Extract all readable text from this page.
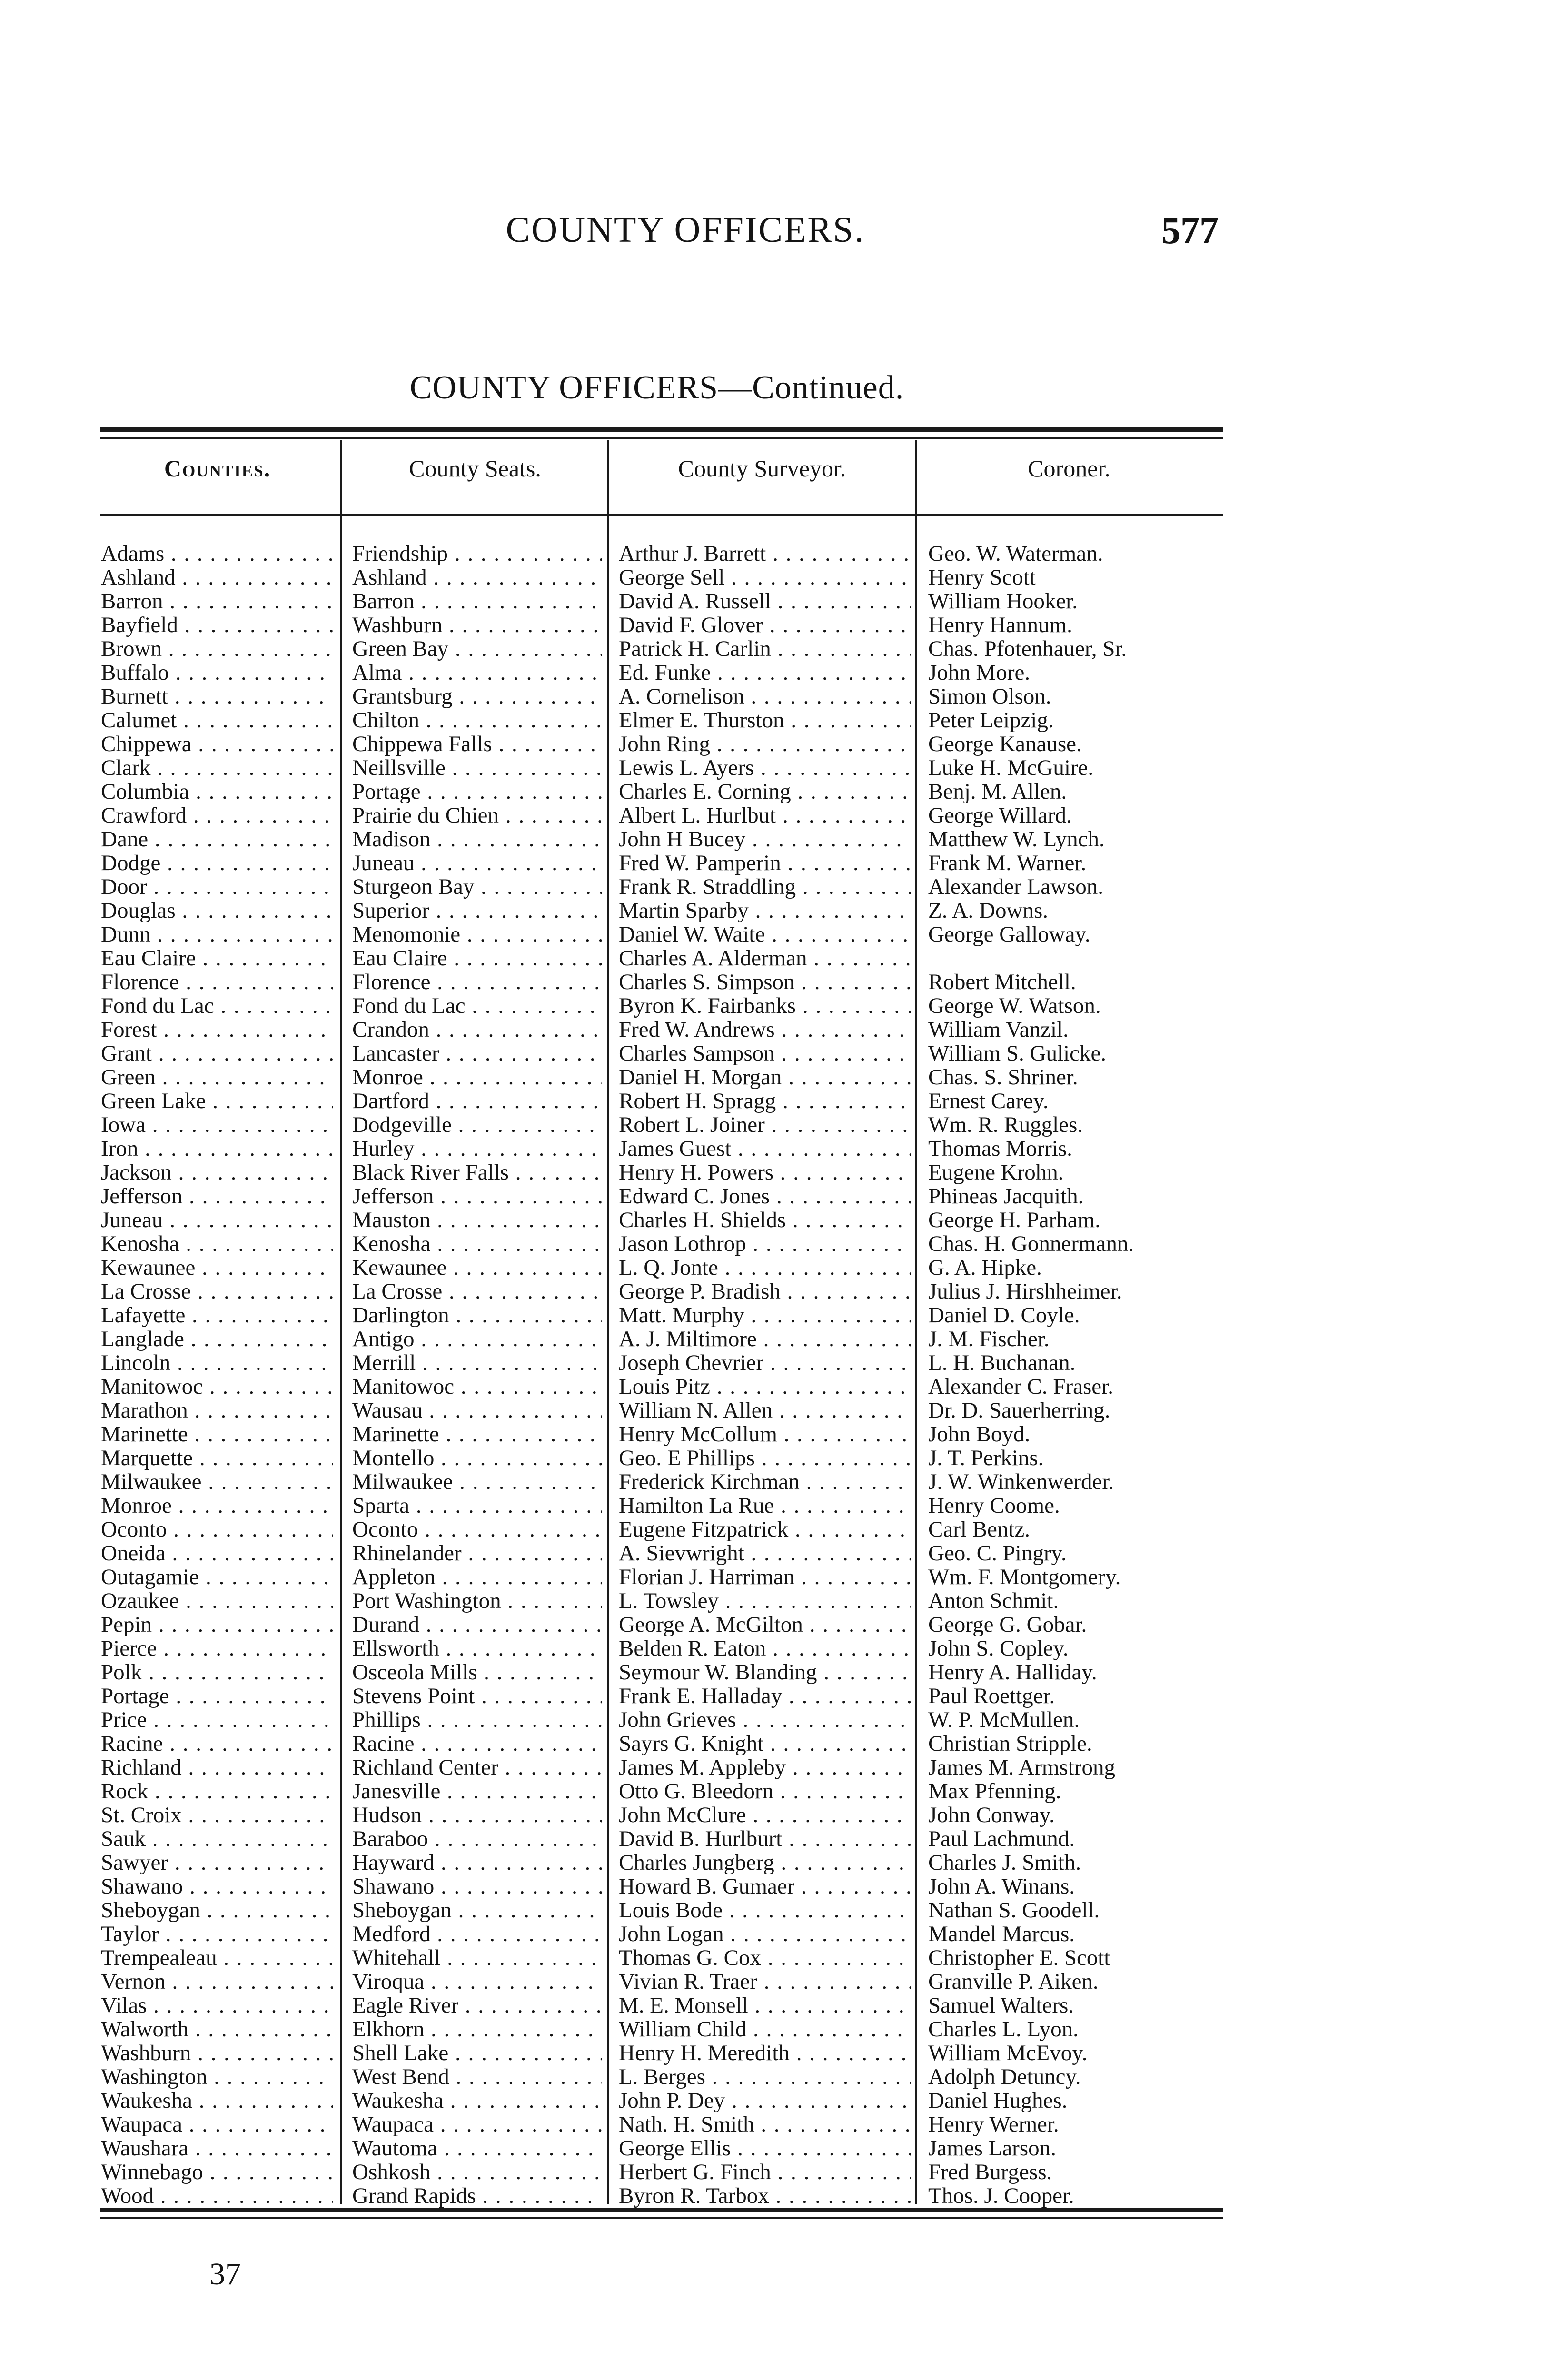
COUNTY OFFICERS.	577
COUNTY OFFICERS—Continued.
Counties.	County Seats.	County Surveyor.	Coroner.
Adams . . .	Friendship . . .	Arthur J. Barrett . . .	Geo. W. Waterman.
Ashland . . .	Ashland . . .	George Sell . . .	Henry Scott
Barron . . .	Barron . . .	David A. Russell . . .	William Hooker.
Bayfield . . .	Washburn . . .	David F. Glover . . .	Henry Hannum.
Brown . . .	Green Bay . . .	Patrick H. Carlin . . .	Chas. Pfotenhauer, Sr.
Buffalo . . .	Alma . . .	Ed. Funke . . .	John More.
Burnett . . .	Grantsburg . . .	A. Cornelison . . .	Simon Olson.
Calumet . . .	Chilton . . .	Elmer E. Thurston . . .	Peter Leipzig.
Chippewa . . .	Chippewa Falls . . .	John Ring . . .	George Kanause.
Clark . . .	Neillsville . . .	Lewis L. Ayers . . .	Luke H. McGuire.
Columbia . . .	Portage . . .	Charles E. Corning . . .	Benj. M. Allen.
Crawford . . .	Prairie du Chien . . .	Albert L. Hurlbut . . .	George Willard.
Dane . . .	Madison . . .	John H Bucey . . .	Matthew W. Lynch.
Dodge . . .	Juneau . . .	Fred W. Pamperin . . .	Frank M. Warner.
Door . . .	Sturgeon Bay . . .	Frank R. Straddling . . .	Alexander Lawson.
Douglas . . .	Superior . . .	Martin Sparby . . .	Z. A. Downs.
Dunn . . .	Menomonie . . .	Daniel W. Waite . . .	George Galloway.
Eau Claire . . .	Eau Claire . . .	Charles A. Alderman . . .
Florence . . .	Florence . . .	Charles S. Simpson . . .	Robert Mitchell.
Fond du Lac . . .	Fond du Lac . . .	Byron K. Fairbanks . . .	George W. Watson.
Forest . . .	Crandon . . .	Fred W. Andrews . . .	William Vanzil.
Grant . . .	Lancaster . . .	Charles Sampson . . .	William S. Gulicke.
Green . . .	Monroe . . .	Daniel H. Morgan . . .	Chas. S. Shriner.
Green Lake . . .	Dartford . . .	Robert H. Spragg . . .	Ernest Carey.
Iowa . . .	Dodgeville . . .	Robert L. Joiner . . .	Wm. R. Ruggles.
Iron . . .	Hurley . . .	James Guest . . .	Thomas Morris.
Jackson . . .	Black River Falls . . .	Henry H. Powers . . .	Eugene Krohn.
Jefferson . . .	Jefferson . . .	Edward C. Jones . . .	Phineas Jacquith.
Juneau . . .	Mauston . . .	Charles H. Shields . . .	George H. Parham.
Kenosha . . .	Kenosha . . .	Jason Lothrop . . .	Chas. H. Gonnermann.
Kewaunee . . .	Kewaunee . . .	L. Q. Jonte . . .	G. A. Hipke.
La Crosse . . .	La Crosse . . .	George P. Bradish . . .	Julius J. Hirshheimer.
Lafayette . . .	Darlington . . .	Matt. Murphy . . .	Daniel D. Coyle.
Langlade . . .	Antigo . . .	A. J. Miltimore . . .	J. M. Fischer.
Lincoln . . .	Merrill . . .	Joseph Chevrier . . .	L. H. Buchanan.
Manitowoc . . .	Manitowoc . . .	Louis Pitz . . .	Alexander C. Fraser.
Marathon . . .	Wausau . . .	William N. Allen . . .	Dr. D. Sauerherring.
Marinette . . .	Marinette . . .	Henry McCollum . . .	John Boyd.
Marquette . . .	Montello . . .	Geo. E Phillips . . .	J. T. Perkins.
Milwaukee . . .	Milwaukee . . .	Frederick Kirchman . . .	J. W. Winkenwerder.
Monroe . . .	Sparta . . .	Hamilton La Rue . . .	Henry Coome.
Oconto . . .	Oconto . . .	Eugene Fitzpatrick . . .	Carl Bentz.
Oneida . . .	Rhinelander . . .	A. Sievwright . . .	Geo. C. Pingry.
Outagamie . . .	Appleton . . .	Florian J. Harriman . . .	Wm. F. Montgomery.
Ozaukee . . .	Port Washington . . .	L. Towsley . . .	Anton Schmit.
Pepin . . .	Durand . . .	George A. McGilton . . .	George G. Gobar.
Pierce . . .	Ellsworth . . .	Belden R. Eaton . . .	John S. Copley.
Polk . . .	Osceola Mills . . .	Seymour W. Blanding . . .	Henry A. Halliday.
Portage . . .	Stevens Point . . .	Frank E. Halladay . . .	Paul Roettger.
Price . . .	Phillips . . .	John Grieves . . .	W. P. McMullen.
Racine . . .	Racine . . .	Sayrs G. Knight . . .	Christian Stripple.
Richland . . .	Richland Center . . .	James M. Appleby . . .	James M. Armstrong
Rock . . .	Janesville . . .	Otto G. Bleedorn . . .	Max Pfenning.
St. Croix . . .	Hudson . . .	John McClure . . .	John Conway.
Sauk . . .	Baraboo . . .	David B. Hurlburt . . .	Paul Lachmund.
Sawyer . . .	Hayward . . .	Charles Jungberg . . .	Charles J. Smith.
Shawano . . .	Shawano . . .	Howard B. Gumaer . . .	John A. Winans.
Sheboygan . . .	Sheboygan . . .	Louis Bode . . .	Nathan S. Goodell.
Taylor . . .	Medford . . .	John Logan . . .	Mandel Marcus.
Trempealeau . . .	Whitehall . . .	Thomas G. Cox . . .	Christopher E. Scott
Vernon . . .	Viroqua . . .	Vivian R. Traer . . .	Granville P. Aiken.
Vilas . . .	Eagle River . . .	M. E. Monsell . . .	Samuel Walters.
Walworth . . .	Elkhorn . . .	William Child . . .	Charles L. Lyon.
Washburn . . .	Shell Lake . . .	Henry H. Meredith . . .	William McEvoy.
Washington . . .	West Bend . . .	L. Berges . . .	Adolph Detuncy.
Waukesha . . .	Waukesha . . .	John P. Dey . . .	Daniel Hughes.
Waupaca . . .	Waupaca . . .	Nath. H. Smith . . .	Henry Werner.
Waushara . . .	Wautoma . . .	George Ellis . . .	James Larson.
Winnebago . . .	Oshkosh . . .	Herbert G. Finch . . .	Fred Burgess.
Wood . . .	Grand Rapids . . .	Byron R. Tarbox . . .	Thos. J. Cooper.
37
